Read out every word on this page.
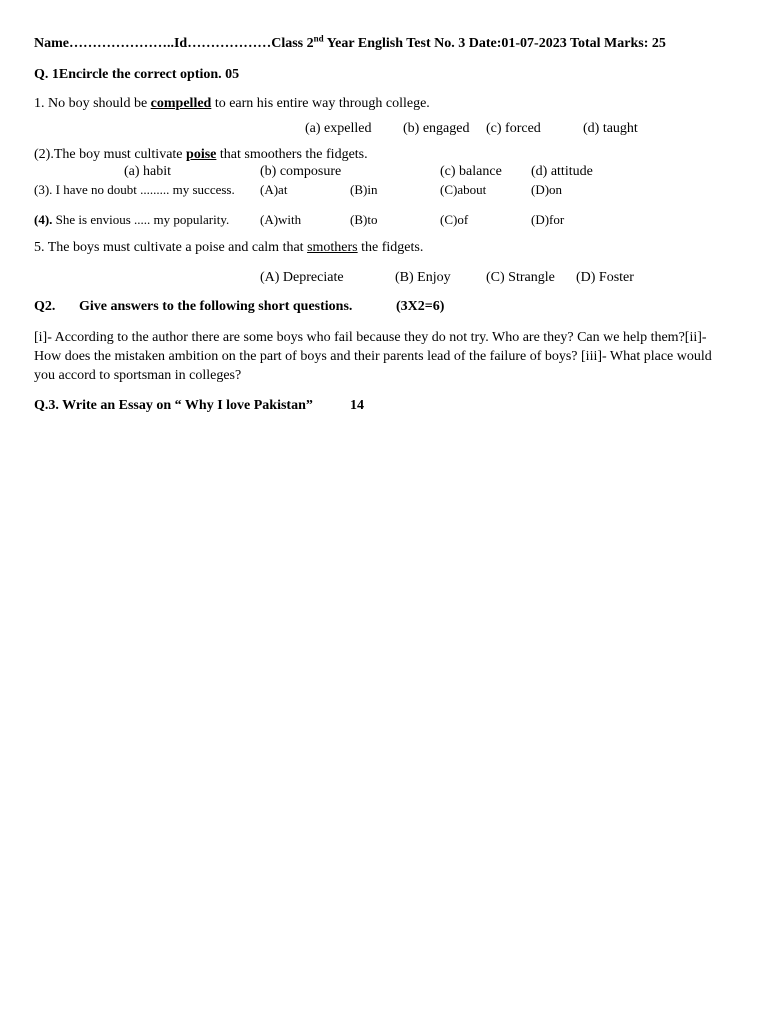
Name…………………..Id………………Class 2nd Year English Test No. 3 Date:01-07-2023 Total Marks: 25
Q. 1Encircle the correct option. 05
1. No boy should be compelled to earn his entire way through college.
(a) expelled (b) engaged (c) forced	(d) taught
(2).The boy must cultivate poise that smoothers the fidgets.
(a) habit	(b) composure	(c) balance (d) attitude
(3). I have no doubt ......... my success. (A)at	(B)in	(C)about	(D)on
(4). She is envious ..... my popularity. (A)with	(B)to	(C)of	(D)for
5. The boys must cultivate a poise and calm that smothers the fidgets.
(A) Depreciate	(B) Enjoy	(C) Strangle (D) Foster
Q2. Give answers to the following short questions.	(3X2=6)
[i]- According to the author there are some boys who fail because they do not try. Who are they? Can we help them?[ii]- How does the mistaken ambition on the part of boys and their parents lead of the failure of boys? [iii]- What place would you accord to sportsman in colleges?
Q.3. Write an Essay on “ Why I love Pakistan”	14
